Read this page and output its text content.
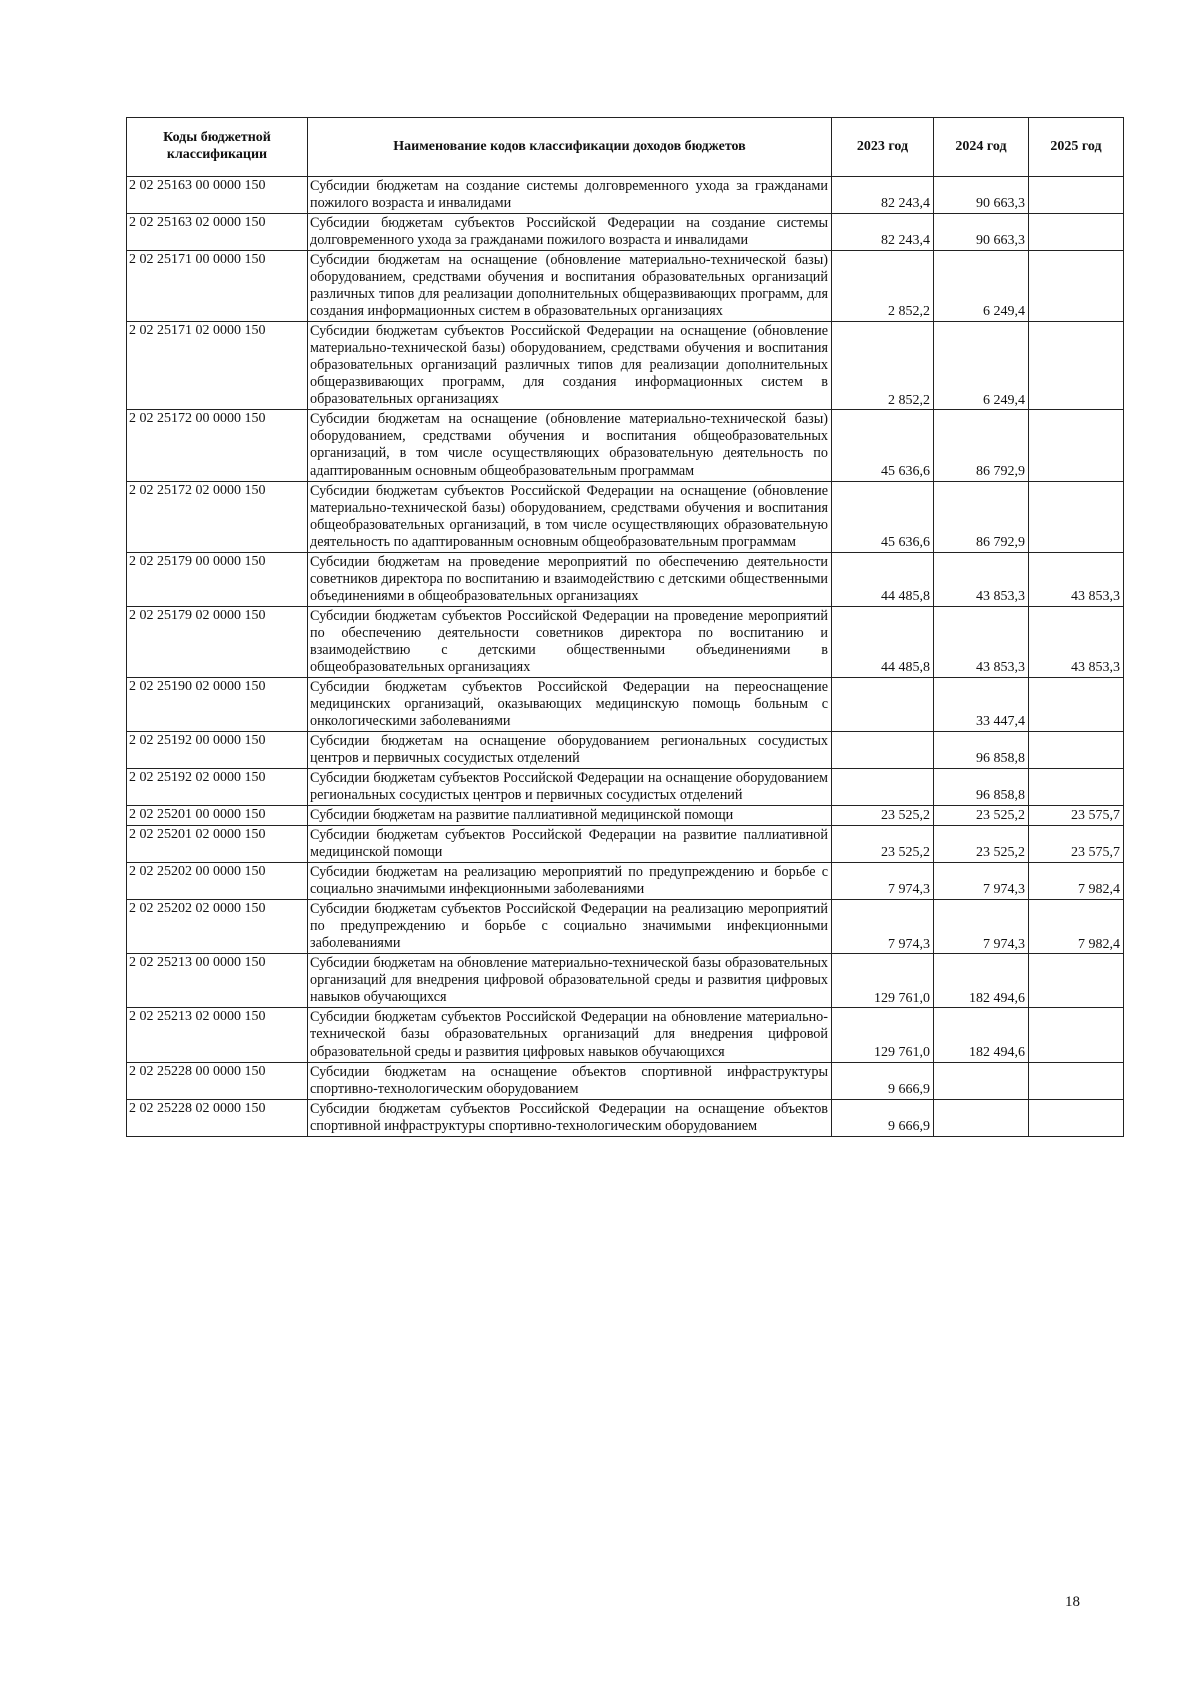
Коды бюджетной классификации	Наименование кодов классификации доходов бюджетов	2023 год	2024 год	2025 год
2 02 25163 00 0000 150	Субсидии бюджетам на создание системы долговременного ухода за гражданами пожилого возраста и инвалидами	82 243,4	90 663,3	
2 02 25163 02 0000 150	Субсидии бюджетам субъектов Российской Федерации на создание системы долговременного ухода за гражданами пожилого возраста и инвалидами	82 243,4	90 663,3	
2 02 25171 00 0000 150	Субсидии бюджетам на оснащение (обновление материально-технической базы) оборудованием, средствами обучения и воспитания образовательных организаций различных типов для реализации дополнительных общеразвивающих программ, для создания информационных систем в образовательных организациях	2 852,2	6 249,4	
2 02 25171 02 0000 150	Субсидии бюджетам субъектов Российской Федерации на оснащение (обновление материально-технической базы) оборудованием, средствами обучения и воспитания образовательных организаций различных типов для реализации дополнительных общеразвивающих программ, для создания информационных систем в образовательных организациях	2 852,2	6 249,4	
2 02 25172 00 0000 150	Субсидии бюджетам на оснащение (обновление материально-технической базы) оборудованием, средствами обучения и воспитания общеобразовательных организаций, в том числе осуществляющих образовательную деятельность по адаптированным основным общеобразовательным программам	45 636,6	86 792,9	
2 02 25172 02 0000 150	Субсидии бюджетам субъектов Российской Федерации на оснащение (обновление материально-технической базы) оборудованием, средствами обучения и воспитания общеобразовательных организаций, в том числе осуществляющих образовательную деятельность по адаптированным основным общеобразовательным программам	45 636,6	86 792,9	
2 02 25179 00 0000 150	Субсидии бюджетам на проведение мероприятий по обеспечению деятельности советников директора по воспитанию и взаимодействию с детскими общественными объединениями в общеобразовательных организациях	44 485,8	43 853,3	43 853,3
2 02 25179 02 0000 150	Субсидии бюджетам субъектов Российской Федерации на проведение мероприятий по обеспечению деятельности советников директора по воспитанию и взаимодействию с детскими общественными объединениями в общеобразовательных организациях	44 485,8	43 853,3	43 853,3
2 02 25190 02 0000 150	Субсидии бюджетам субъектов Российской Федерации на переоснащение медицинских организаций, оказывающих медицинскую помощь больным с онкологическими заболеваниями		33 447,4	
2 02 25192 00 0000 150	Субсидии бюджетам на оснащение оборудованием региональных сосудистых центров и первичных сосудистых отделений		96 858,8	
2 02 25192 02 0000 150	Субсидии бюджетам субъектов Российской Федерации на оснащение оборудованием региональных сосудистых центров и первичных сосудистых отделений		96 858,8	
2 02 25201 00 0000 150	Субсидии бюджетам на развитие паллиативной медицинской помощи	23 525,2	23 525,2	23 575,7
2 02 25201 02 0000 150	Субсидии бюджетам субъектов Российской Федерации на развитие паллиативной медицинской помощи	23 525,2	23 525,2	23 575,7
2 02 25202 00 0000 150	Субсидии бюджетам на реализацию мероприятий по предупреждению и борьбе с социально значимыми инфекционными заболеваниями	7 974,3	7 974,3	7 982,4
2 02 25202 02 0000 150	Субсидии бюджетам субъектов Российской Федерации на реализацию мероприятий по предупреждению и борьбе с социально значимыми инфекционными заболеваниями	7 974,3	7 974,3	7 982,4
2 02 25213 00 0000 150	Субсидии бюджетам на обновление материально-технической базы образовательных организаций для внедрения цифровой образовательной среды и развития цифровых навыков обучающихся	129 761,0	182 494,6	
2 02 25213 02 0000 150	Субсидии бюджетам субъектов Российской Федерации на обновление материально-технической базы образовательных организаций для внедрения цифровой образовательной среды и развития цифровых навыков обучающихся	129 761,0	182 494,6	
2 02 25228 00 0000 150	Субсидии бюджетам на оснащение объектов спортивной инфраструктуры спортивно-технологическим оборудованием	9 666,9		
2 02 25228 02 0000 150	Субсидии бюджетам субъектов Российской Федерации на оснащение объектов спортивной инфраструктуры спортивно-технологическим оборудованием	9 666,9		
18
